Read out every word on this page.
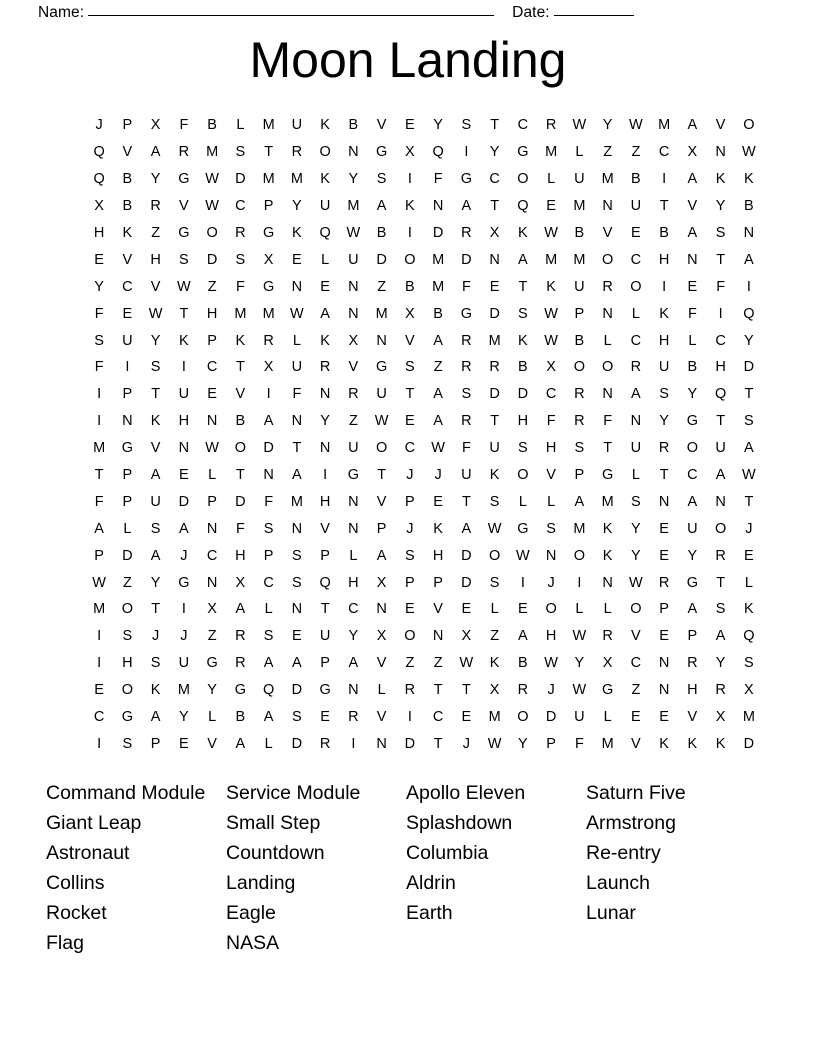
Name:	Date:
Moon Landing
J	P	X	F	B	L	M	U	K	B	V	E	Y	S	T	C	R	W	Y	W	M	A	V	O
Q	V	A	R	M	S	T	R	O	N	G	X	Q	I	Y	G	M	L	Z	Z	C	X	N	W
Q	B	Y	G	W	D	M	M	K	Y	S	I	F	G	C	O	L	U	M	B	I	A	K	K
X	B	R	V	W	C	P	Y	U	M	A	K	N	A	T	Q	E	M	N	U	T	V	Y	B
H	K	Z	G	O	R	G	K	Q	W	B	I	D	R	X	K	W	B	V	E	B	A	S	N
E	V	H	S	D	S	X	E	L	U	D	O	M	D	N	A	M	M	O	C	H	N	T	A
Y	C	V	W	Z	F	G	N	E	N	Z	B	M	F	E	T	K	U	R	O	I	E	F	I
F	E	W	T	H	M	M	W	A	N	M	X	B	G	D	S	W	P	N	L	K	F	I	Q
S	U	Y	K	P	K	R	L	K	X	N	V	A	R	M	K	W	B	L	C	H	L	C	Y
F	I	S	I	C	T	X	U	R	V	G	S	Z	R	R	B	X	O	O	R	U	B	H	D
I	P	T	U	E	V	I	F	N	R	U	T	A	S	D	D	C	R	N	A	S	Y	Q	T
I	N	K	H	N	B	A	N	Y	Z	W	E	A	R	T	H	F	R	F	N	Y	G	T	S
M	G	V	N	W	O	D	T	N	U	O	C	W	F	U	S	H	S	T	U	R	O	U	A
T	P	A	E	L	T	N	A	I	G	T	J	J	U	K	O	V	P	G	L	T	C	A	W
F	P	U	D	P	D	F	M	H	N	V	P	E	T	S	L	L	A	M	S	N	A	N	T
A	L	S	A	N	F	S	N	V	N	P	J	K	A	W	G	S	M	K	Y	E	U	O	J
P	D	A	J	C	H	P	S	P	L	A	S	H	D	O	W	N	O	K	Y	E	Y	R	E
W	Z	Y	G	N	X	C	S	Q	H	X	P	P	D	S	I	J	I	N	W	R	G	T	L
M	O	T	I	X	A	L	N	T	C	N	E	V	E	L	E	O	L	L	O	P	A	S	K
I	S	J	J	Z	R	S	E	U	Y	X	O	N	X	Z	A	H	W	R	V	E	P	A	Q
I	H	S	U	G	R	A	A	P	A	V	Z	Z	W	K	B	W	Y	X	C	N	R	Y	S
E	O	K	M	Y	G	Q	D	G	N	L	R	T	T	X	R	J	W	G	Z	N	H	R	X
C	G	A	Y	L	B	A	S	E	R	V	I	C	E	M	O	D	U	L	E	E	V	X	M
I	S	P	E	V	A	L	D	R	I	N	D	T	J	W	Y	P	F	M	V	K	K	K	D
Command Module	Service Module	Apollo Eleven	Saturn Five
Giant Leap	Small Step	Splashdown	Armstrong
Astronaut	Countdown	Columbia	Re-entry
Collins	Landing	Aldrin	Launch
Rocket	Eagle	Earth	Lunar
Flag	NASA
